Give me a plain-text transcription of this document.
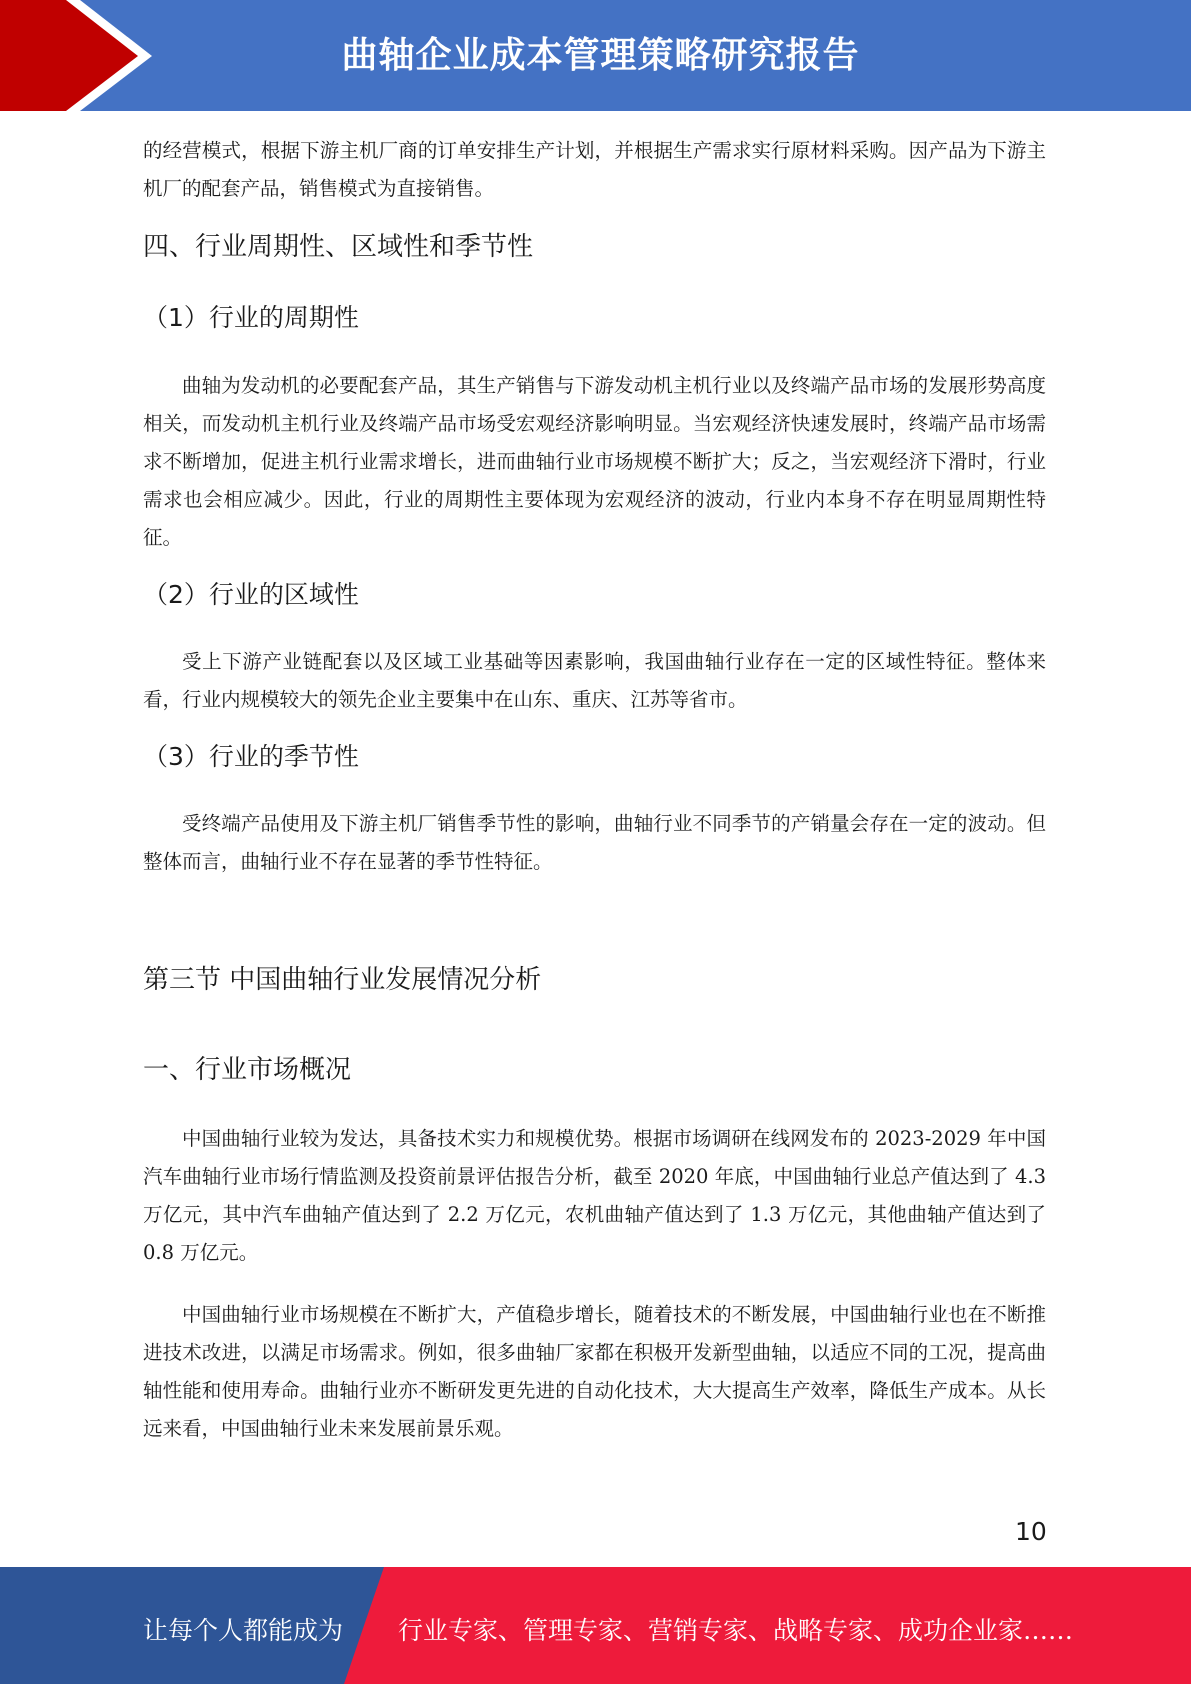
曲轴企业成本管理策略研究报告

的经营模式，根据下游主机厂商的订单安排生产计划，并根据生产需求实行原材料采购。因产品为下游主机厂的配套产品，销售模式为直接销售。

四、行业周期性、区域性和季节性
（1）行业的周期性

曲轴为发动机的必要配套产品，其生产销售与下游发动机主机行业以及终端产品市场的发展形势高度相关，而发动机主机行业及终端产品市场受宏观经济影响明显。当宏观经济快速发展时，终端产品市场需求不断增加，促进主机行业需求增长，进而曲轴行业市场规模不断扩大；反之，当宏观经济下滑时，行业需求也会相应减少。因此，行业的周期性主要体现为宏观经济的波动，行业内本身不存在明显周期性特征。

（2）行业的区域性

受上下游产业链配套以及区域工业基础等因素影响，我国曲轴行业存在一定的区域性特征。整体来看，行业内规模较大的领先企业主要集中在山东、重庆、江苏等省市。

（3）行业的季节性

受终端产品使用及下游主机厂销售季节性的影响，曲轴行业不同季节的产销量会存在一定的波动。但整体而言，曲轴行业不存在显著的季节性特征。

第三节 中国曲轴行业发展情况分析
一、行业市场概况

中国曲轴行业较为发达，具备技术实力和规模优势。根据市场调研在线网发布的 2023-2029 年中国汽车曲轴行业市场行情监测及投资前景评估报告分析，截至 2020 年底，中国曲轴行业总产值达到了 4.3 万亿元，其中汽车曲轴产值达到了 2.2 万亿元，农机曲轴产值达到了 1.3 万亿元，其他曲轴产值达到了 0.8 万亿元。

中国曲轴行业市场规模在不断扩大，产值稳步增长，随着技术的不断发展，中国曲轴行业也在不断推进技术改进，以满足市场需求。例如，很多曲轴厂家都在积极开发新型曲轴，以适应不同的工况，提高曲轴性能和使用寿命。曲轴行业亦不断研发更先进的自动化技术，大大提高生产效率，降低生产成本。从长远来看，中国曲轴行业未来发展前景乐观。

10
让每个人都能成为 行业专家、管理专家、营销专家、战略专家、成功企业家……
